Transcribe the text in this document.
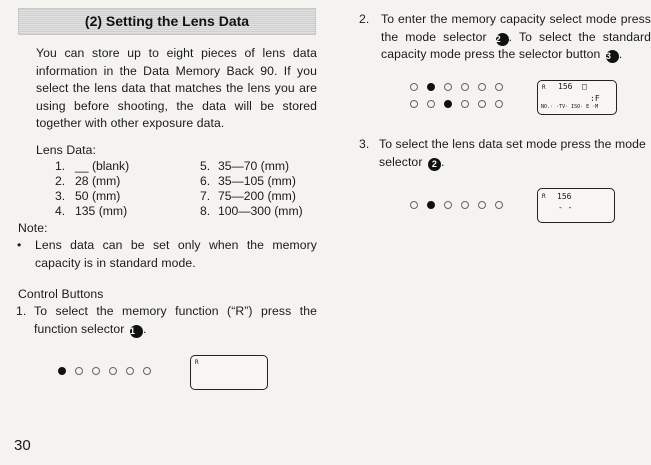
(2) Setting the Lens Data
You can store up to eight pieces of lens data information in the Data Memory Back 90. If you select the lens data that matches the lens you are using before shooting, the data will be stored together with other exposure data.
Lens Data:
1. __ (blank)
2. 28 (mm)
3. 50 (mm)
4. 135 (mm)
5. 35—70 (mm)
6. 35—105 (mm)
7. 75—200 (mm)
8. 100—300 (mm)
Note:
• Lens data can be set only when the memory capacity is in standard mode.
Control Buttons
1. To select the memory function (“R”) press the function selector 1 .
R
30
2. To enter the memory capacity select mode press the mode selector 2 . To select the standard capacity mode press the selector button 3 .
R 156 □
:F
NO.· ·TV· ISO· E ·M
3. To select the lens data set mode press the mode selector 2 .
R 156
- -
